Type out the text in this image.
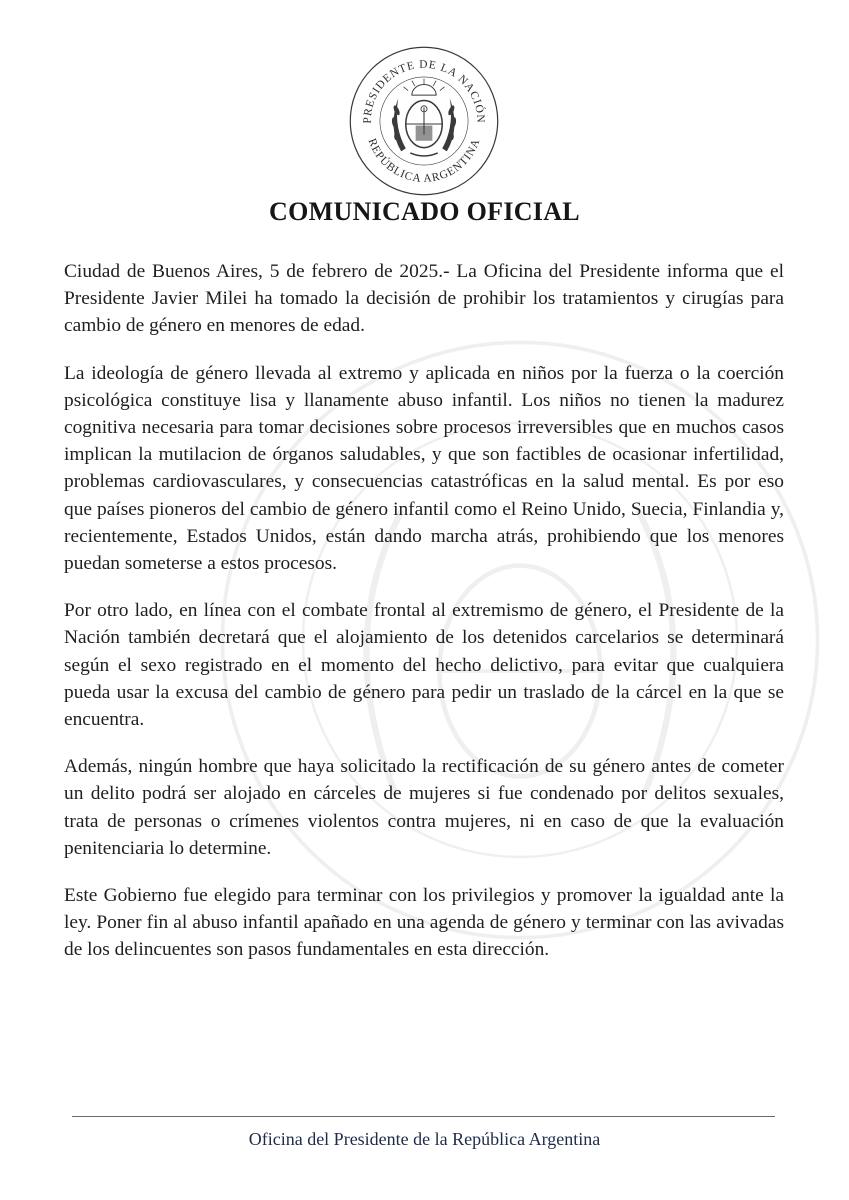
PRESIDENTE DE LA NACIÓN
REPÚBLICA ARGENTINA
COMUNICADO OFICIAL

Ciudad de Buenos Aires, 5 de febrero de 2025.- La Oficina del Presidente informa que el Presidente Javier Milei ha tomado la decisión de prohibir los tratamientos y cirugías para cambio de género en menores de edad.

La ideología de género llevada al extremo y aplicada en niños por la fuerza o la coerción psicológica constituye lisa y llanamente abuso infantil. Los niños no tienen la madurez cognitiva necesaria para tomar decisiones sobre procesos irreversibles que en muchos casos implican la mutilacion de órganos saludables, y que son factibles de ocasionar infertilidad, problemas cardiovasculares, y consecuencias catastróficas en la salud mental. Es por eso que países pioneros del cambio de género infantil como el Reino Unido, Suecia, Finlandia y, recientemente, Estados Unidos, están dando marcha atrás, prohibiendo que los menores puedan someterse a estos procesos.

Por otro lado, en línea con el combate frontal al extremismo de género, el Presidente de la Nación también decretará que el alojamiento de los detenidos carcelarios se determinará según el sexo registrado en el momento del hecho delictivo, para evitar que cualquiera pueda usar la excusa del cambio de género para pedir un traslado de la cárcel en la que se encuentra.

Además, ningún hombre que haya solicitado la rectificación de su género antes de cometer un delito podrá ser alojado en cárceles de mujeres si fue condenado por delitos sexuales, trata de personas o crímenes violentos contra mujeres, ni en caso de que la evaluación penitenciaria lo determine.

Este Gobierno fue elegido para terminar con los privilegios y promover la igualdad ante la ley. Poner fin al abuso infantil apañado en una agenda de género y terminar con las avivadas de los delincuentes son pasos fundamentales en esta dirección.

Oficina del Presidente de la República Argentina
